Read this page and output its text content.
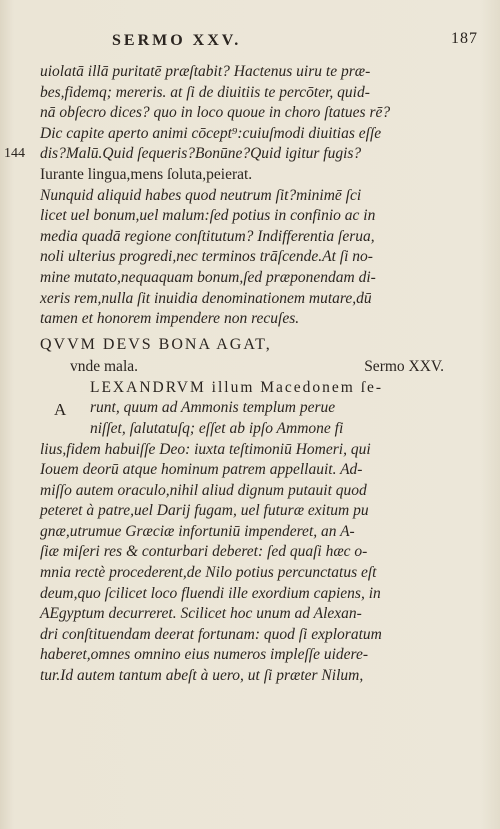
SERMO XXV.	187
uiolatā illā puritatē præſtabit? Hactenus uiru te præ-
bes,fidemq; mereris. at ſi de diuitiis te percōter, quid-
nā obſecro dices? quo in loco quoue in choro ſtatues rē?
Dic capite aperto animi cōcept⁹:cuiuſmodi diuitias eſſe
144 dis?Malū.Quid ſequeris?Bonūne?Quid igitur fugis?
Iurante lingua,mens ſoluta,peierat.
Nunquid aliquid habes quod neutrum ſit?minimē ſci
licet uel bonum,uel malum:ſed potius in confinio ac in
media quadā regione conſtitutum? Indifferentia ſerua,
noli ulterius progredi,nec terminos trāſcende.At ſi no-
mine mutato,nequaquam bonum,ſed præponendam di-
xeris rem,nulla ſit inuidia denominationem mutare,dū
tamen et honorem impendere non recuſes.
QVVM DEVS BONA AGAT,
vnde mala.	Sermo XXV.
A
LEXANDRVM illum Macedonem ſe-
runt, quum ad Ammonis templum perue
niſſet, ſalutatuſq; eſſet ab ipſo Ammone fi
lius,fidem habuiſſe Deo: iuxta teſtimoniū Homeri, qui
Iouem deorū atque hominum patrem appellauit. Ad-
miſſo autem oraculo,nihil aliud dignum putauit quod
peteret à patre,uel Darij fugam, uel futuræ exitum pu
gnæ,utrumue Græciæ infortuniū impenderet, an A-
ſiæ miſeri res & conturbari deberet: ſed quaſi hæc o-
mnia rectè procederent,de Nilo potius percunctatus eſt
deum,quo ſcilicet loco fluendi ille exordium capiens, in
AEgyptum decurreret. Scilicet hoc unum ad Alexan-
dri conſtituendam deerat fortunam: quod ſi exploratum
haberet,omnes omnino eius numeros impleſſe uidere-
tur.Id autem tantum abeſt à uero, ut ſi præter Nilum,
